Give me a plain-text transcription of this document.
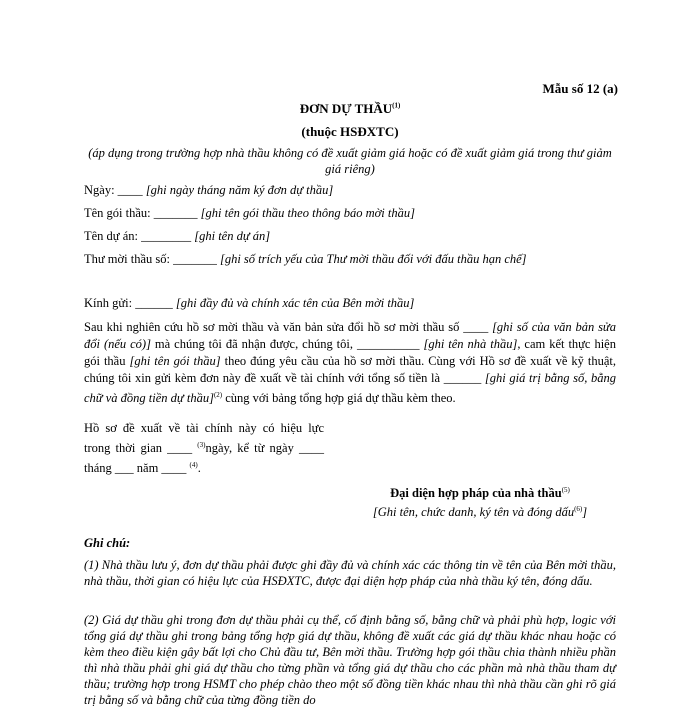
Mẫu số 12 (a)
ĐƠN DỰ THẦU$^{(1)}$
(thuộc HSĐXTC)
(áp dụng trong trường hợp nhà thầu không có đề xuất giảm giá hoặc có đề xuất giảm giá trong thư giảm giá riêng)
Ngày: ____ [ghi ngày tháng năm ký đơn dự thầu]
Tên gói thầu: _______ [ghi tên gói thầu theo thông báo mời thầu]
Tên dự án: ________ [ghi tên dự án]
Thư mời thầu số: _______ [ghi số trích yếu của Thư mời thầu đối với đấu thầu hạn chế]
Kính gửi: ______ [ghi đầy đủ và chính xác tên của Bên mời thầu]
Sau khi nghiên cứu hồ sơ mời thầu và văn bản sửa đổi hồ sơ mời thầu số ____ [ghi số của văn bản sửa đổi (nếu có)] mà chúng tôi đã nhận được, chúng tôi, __________ [ghi tên nhà thầu], cam kết thực hiện gói thầu [ghi tên gói thầu] theo đúng yêu cầu của hồ sơ mời thầu. Cùng với Hồ sơ đề xuất về kỹ thuật, chúng tôi xin gửi kèm đơn này đề xuất về tài chính với tổng số tiền là ______ [ghi giá trị bằng số, bằng chữ và đồng tiền dự thầu]$^{(2)}$ cùng với bảng tổng hợp giá dự thầu kèm theo.
Hồ sơ đề xuất về tài chính này có hiệu lực trong thời gian ____ $^{(3)}$ngày, kể từ ngày ____ tháng ___ năm ____ $^{(4)}$.
Đại diện hợp pháp của nhà thầu$^{(5)}$
[Ghi tên, chức danh, ký tên và đóng dấu$^{(6)}$]
Ghi chú:
(1) Nhà thầu lưu ý, đơn dự thầu phải được ghi đầy đủ và chính xác các thông tin về tên của Bên mời thầu, nhà thầu, thời gian có hiệu lực của HSĐXTC, được đại diện hợp pháp của nhà thầu ký tên, đóng dấu.
(2) Giá dự thầu ghi trong đơn dự thầu phải cụ thể, cố định bằng số, bằng chữ và phải phù hợp, logic với tổng giá dự thầu ghi trong bảng tổng hợp giá dự thầu, không đề xuất các giá dự thầu khác nhau hoặc có kèm theo điều kiện gây bất lợi cho Chủ đầu tư, Bên mời thầu. Trường hợp gói thầu chia thành nhiều phần thì nhà thầu phải ghi giá dự thầu cho từng phần và tổng giá dự thầu cho các phần mà nhà thầu tham dự thầu; trường hợp trong HSMT cho phép chào theo một số đồng tiền khác nhau thì nhà thầu cần ghi rõ giá trị bằng số và bằng chữ của từng đồng tiền do
